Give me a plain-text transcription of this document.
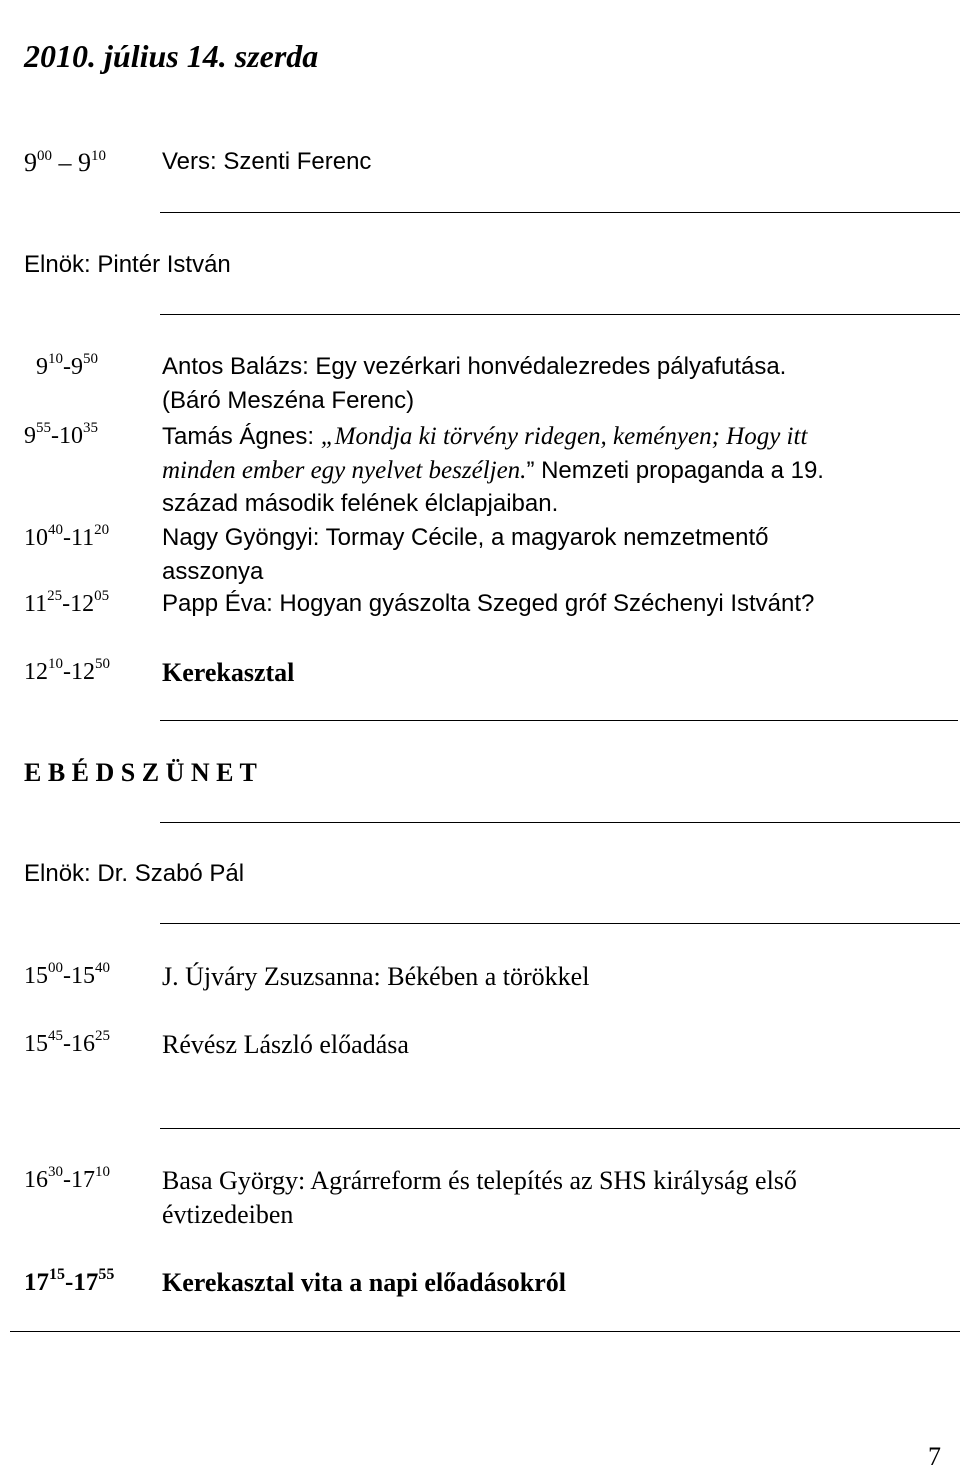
2010. július 14. szerda
$9^{00} - 9^{10}$ Vers: Szenti Ferenc
Elnök: Pintér István
$9^{10}-9^{50}$	Antos Balázs: Egy vezérkari honvédalezredes pályafutása.
(Báró Meszéna Ferenc)
$9^{55}-10^{35}$	Tamás Ágnes: „Mondja ki törvény ridegen, keményen; Hogy itt
minden ember egy nyelvet beszéljen.” Nemzeti propaganda a 19.
század második felének élclapjaiban.
$10^{40}-11^{20}$ Nagy Gyöngyi: Tormay Cécile, a magyarok nemzetmentő
asszonya
$11^{25}-12^{05}$ Papp Éva: Hogyan gyászolta Szeged gróf Széchenyi Istvánt?
$12^{10}-12^{50}$ Kerekasztal
E B É D S Z Ü N E T
Elnök: Dr. Szabó Pál
$15^{00}-15^{40}$ J. Újváry Zsuzsanna: Békében a törökkel
$15^{45}-16^{25}$ Révész László előadása
$16^{30}-17^{10}$ Basa György: Agrárreform és telepítés az SHS királyság első
évtizedeiben
$17^{15}-17^{55}$ Kerekasztal vita a napi előadásokról
7
